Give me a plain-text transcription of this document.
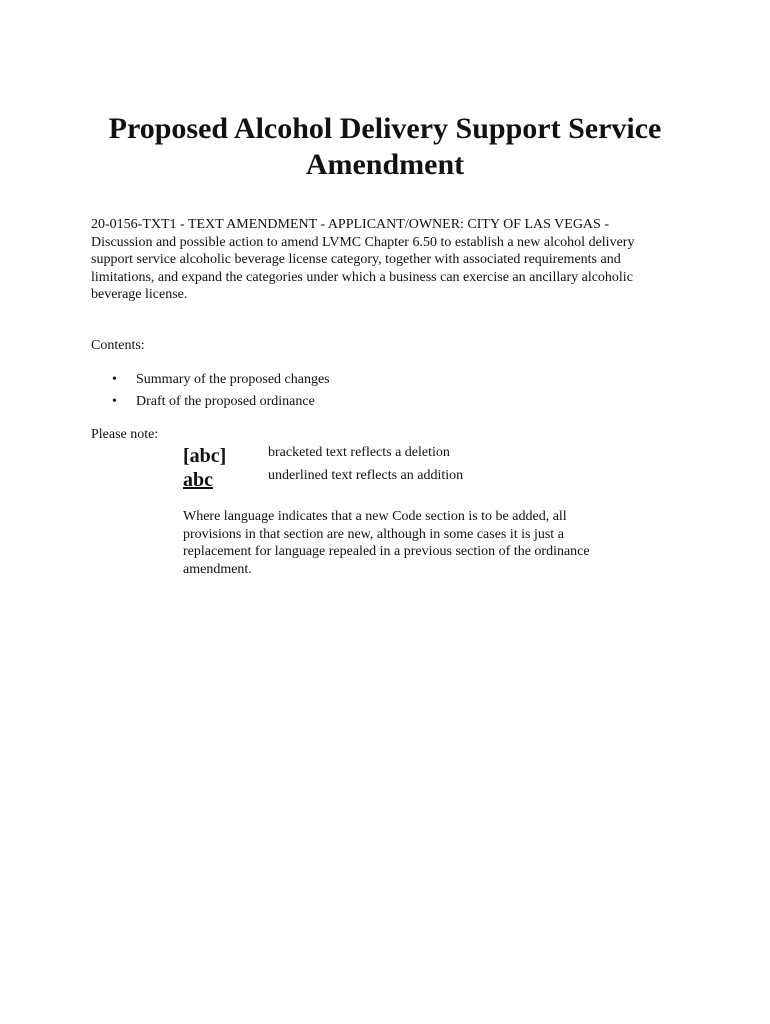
Proposed Alcohol Delivery Support Service Amendment

20-0156-TXT1 - TEXT AMENDMENT - APPLICANT/OWNER: CITY OF LAS VEGAS - Discussion and possible action to amend LVMC Chapter 6.50 to establish a new alcohol delivery support service alcoholic beverage license category, together with associated requirements and limitations, and expand the categories under which a business can exercise an ancillary alcoholic beverage license.

Contents:

• Summary of the proposed changes
• Draft of the proposed ordinance

Please note:

[abc]	bracketed text reflects a deletion
abc	underlined text reflects an addition

Where language indicates that a new Code section is to be added, all provisions in that section are new, although in some cases it is just a replacement for language repealed in a previous section of the ordinance amendment.
